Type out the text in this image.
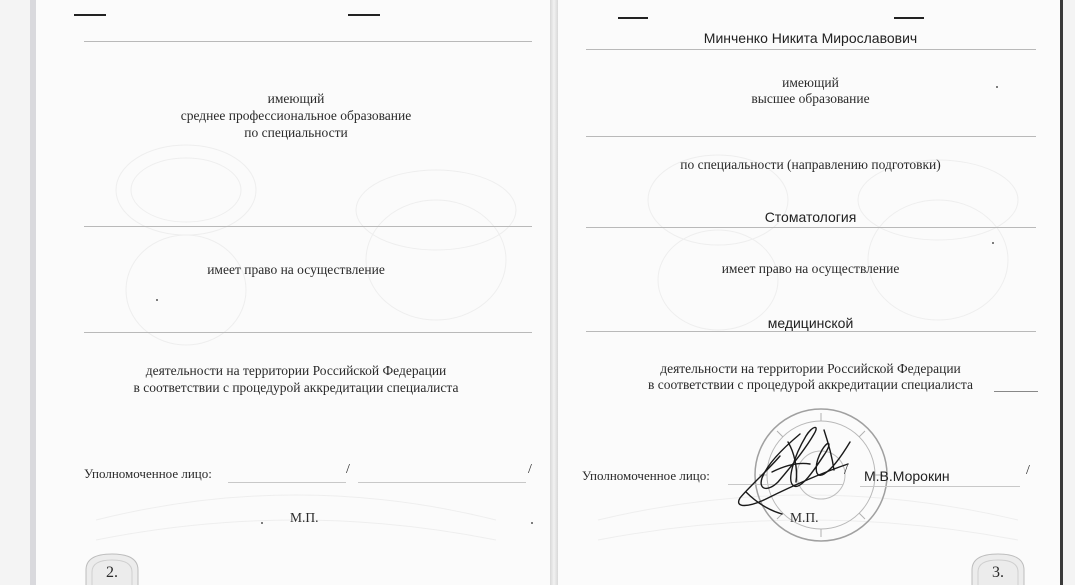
имеющий
среднее профессиональное образование
по специальности
имеет право на осуществление
деятельности на территории Российской Федерации
в соответствии с процедурой аккредитации специалиста
Уполномоченное лицо:	/	/
М.П.
2.
Минченко Никита Мирославович
имеющий
высшее образование
по специальности (направлению подготовки)
Стоматология
имеет право на осуществление
медицинской
деятельности на территории Российской Федерации
в соответствии с процедурой аккредитации специалиста
Уполномоченное лицо:	/ М.В.Морокин	/
М.П.
3.
